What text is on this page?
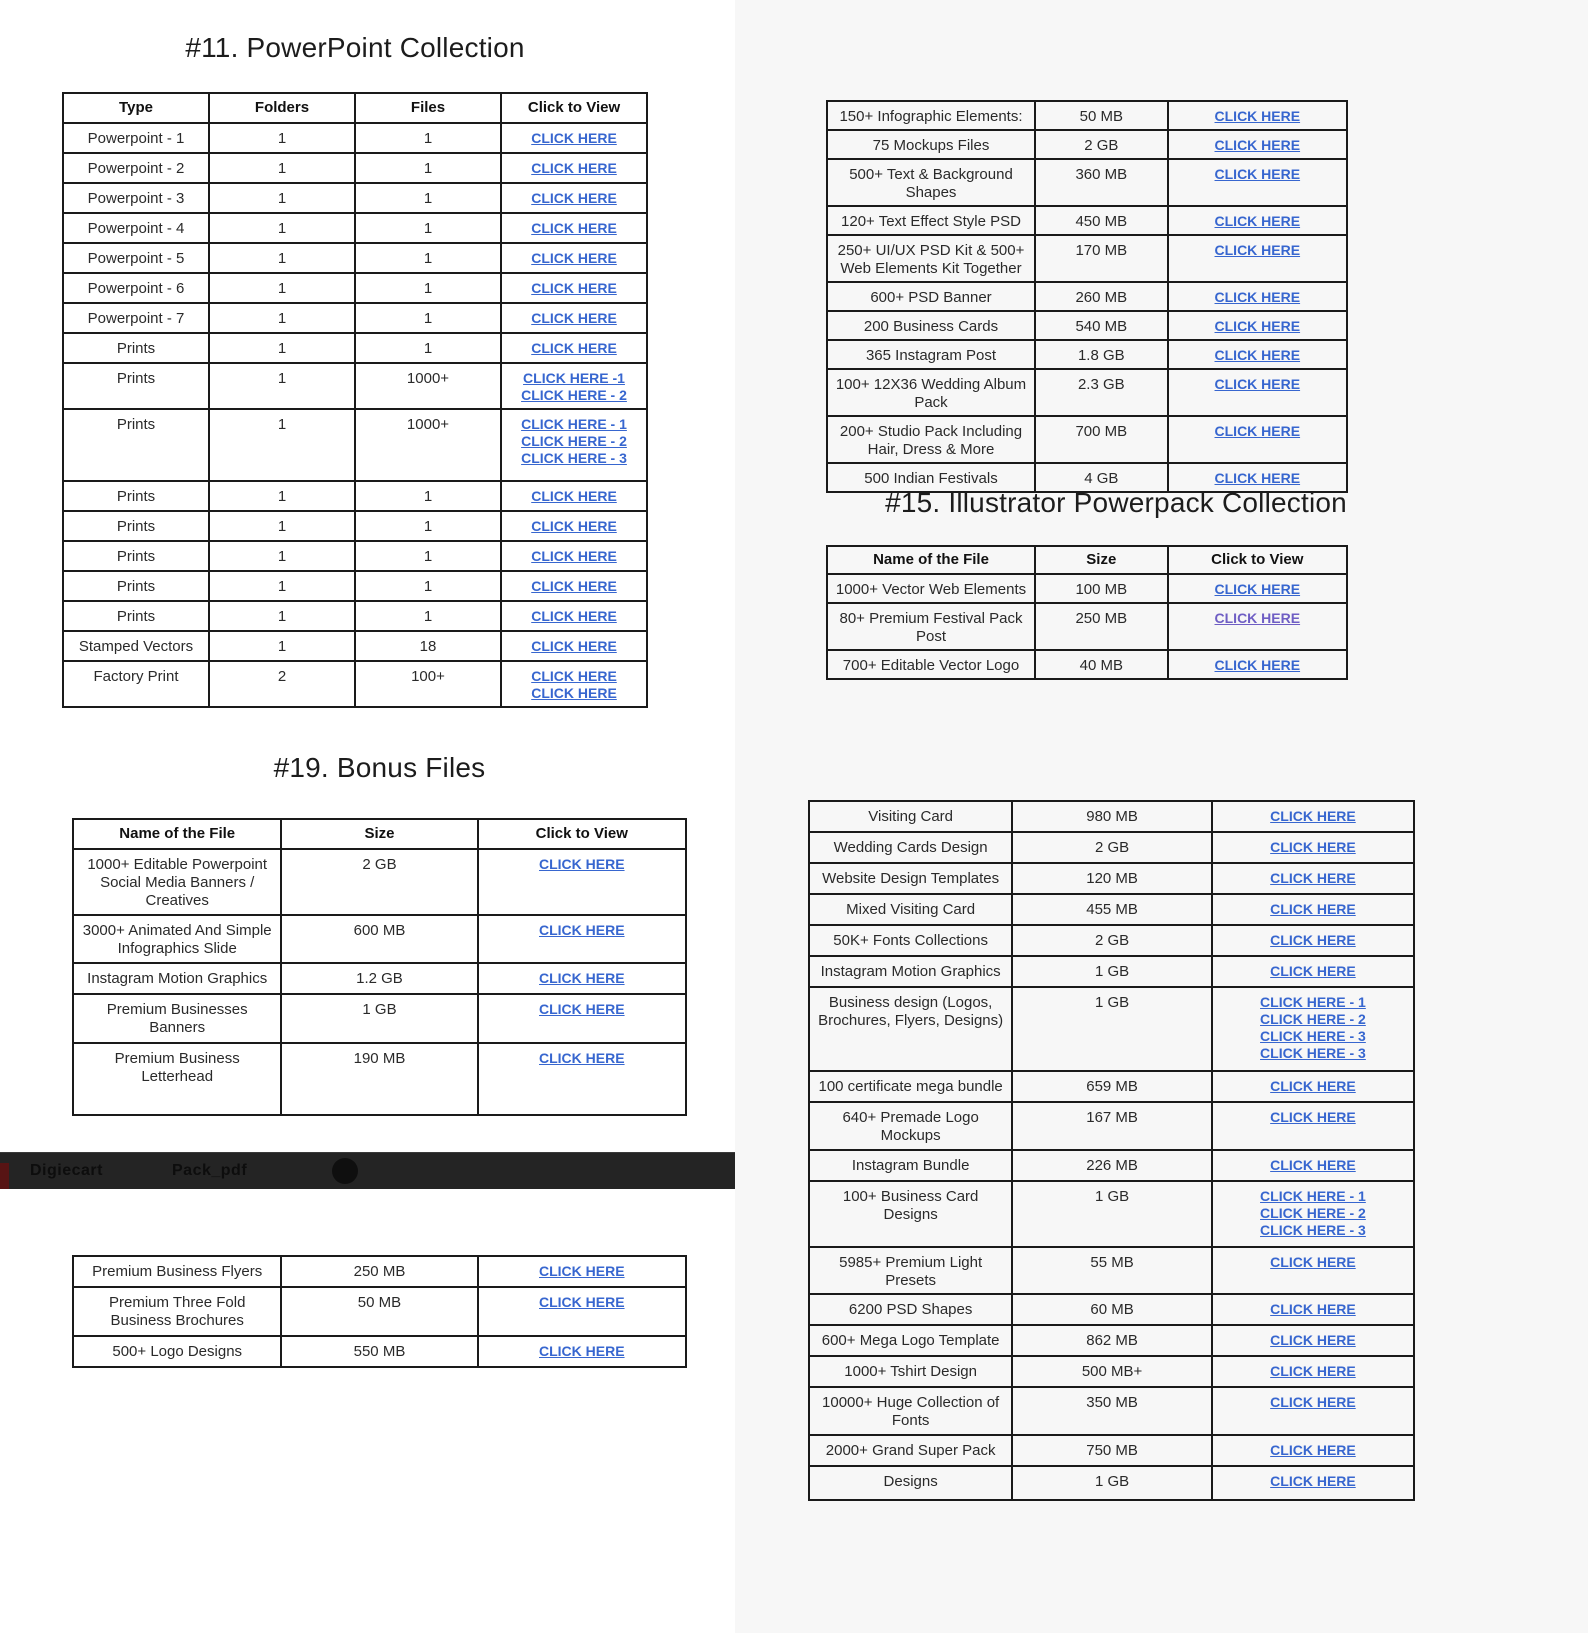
#11. PowerPoint Collection
Type	Folders	Files	Click to View
Powerpoint - 1	1	1	CLICK HERE

Powerpoint - 2	1	1	CLICK HERE

Powerpoint - 3	1	1	CLICK HERE

Powerpoint - 4	1	1	CLICK HERE

Powerpoint - 5	1	1	CLICK HERE

Powerpoint - 6	1	1	CLICK HERE

Powerpoint - 7	1	1	CLICK HERE

Prints	1	1	CLICK HERE

Prints	1	1000+	CLICK HERE -1
CLICK HERE - 2

Prints	1	1000+	CLICK HERE - 1
CLICK HERE - 2
CLICK HERE - 3

Prints	1	1	CLICK HERE

Prints	1	1	CLICK HERE

Prints	1	1	CLICK HERE

Prints	1	1	CLICK HERE

Prints	1	1	CLICK HERE

Stamped Vectors	1	18	CLICK HERE

Factory Print	2	100+	CLICK HERE
CLICK HERE
150+ Infographic Elements:	50 MB	CLICK HERE

75 Mockups Files	2 GB	CLICK HERE

500+ Text & Background Shapes	360 MB	CLICK HERE

120+ Text Effect Style PSD	450 MB	CLICK HERE

250+ UI/UX PSD Kit & 500+ Web Elements Kit Together	170 MB	CLICK HERE

600+ PSD Banner	260 MB	CLICK HERE

200 Business Cards	540 MB	CLICK HERE

365 Instagram Post	1.8 GB	CLICK HERE

100+ 12X36 Wedding Album Pack	2.3 GB	CLICK HERE

200+ Studio Pack Including Hair, Dress & More	700 MB	CLICK HERE

500 Indian Festivals	4 GB	CLICK HERE
#15. Illustrator Powerpack Collection
Name of the File	Size	Click to View
1000+ Vector Web Elements	100 MB	CLICK HERE

80+ Premium Festival Pack Post	250 MB	CLICK HERE

700+ Editable Vector Logo	40 MB	CLICK HERE
#19. Bonus Files
Name of the File	Size	Click to View
1000+ Editable Powerpoint Social Media Banners / Creatives	2 GB	CLICK HERE

3000+ Animated And Simple Infographics Slide	600 MB	CLICK HERE

Instagram Motion Graphics	1.2 GB	CLICK HERE

Premium Businesses Banners	1 GB	CLICK HERE

Premium Business Letterhead	190 MB	CLICK HERE
Digiecart	Pack_pdf
Premium Business Flyers	250 MB	CLICK HERE

Premium Three Fold Business Brochures	50 MB	CLICK HERE

500+ Logo Designs	550 MB	CLICK HERE
Visiting Card	980 MB	CLICK HERE

Wedding Cards Design	2 GB	CLICK HERE

Website Design Templates	120 MB	CLICK HERE

Mixed Visiting Card	455 MB	CLICK HERE

50K+ Fonts Collections	2 GB	CLICK HERE

Instagram Motion Graphics	1 GB	CLICK HERE

Business design (Logos, Brochures, Flyers, Designs)	1 GB	CLICK HERE - 1
CLICK HERE - 2
CLICK HERE - 3
CLICK HERE - 3

100 certificate mega bundle	659 MB	CLICK HERE

640+ Premade Logo Mockups	167 MB	CLICK HERE

Instagram Bundle	226 MB	CLICK HERE

100+ Business Card Designs	1 GB	CLICK HERE - 1
CLICK HERE - 2
CLICK HERE - 3

5985+ Premium Light Presets	55 MB	CLICK HERE

6200 PSD Shapes	60 MB	CLICK HERE

600+ Mega Logo Template	862 MB	CLICK HERE

1000+ Tshirt Design	500 MB+	CLICK HERE

10000+ Huge Collection of Fonts	350 MB	CLICK HERE

2000+ Grand Super Pack	750 MB	CLICK HERE

Designs	1 GB	CLICK HERE
